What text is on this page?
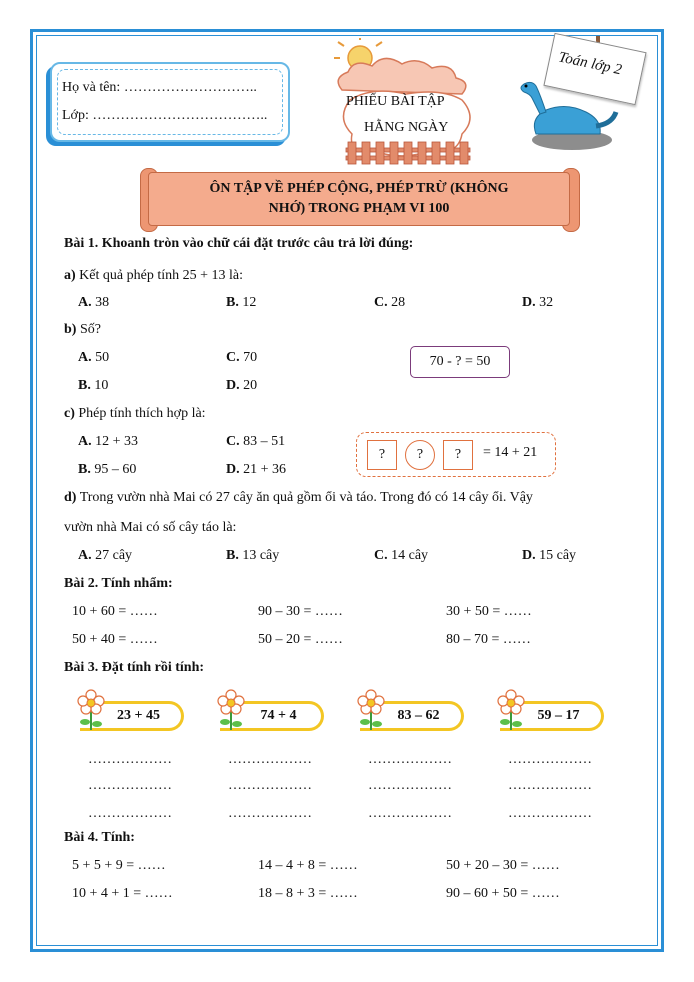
Họ và tên: ………………………..
Lớp: ………………………………..
PHIẾU BÀI TẬP
HẰNG NGÀY
Toán lớp 2
ÔN TẬP VỀ PHÉP CỘNG, PHÉP TRỪ (KHÔNG
NHỚ) TRONG PHẠM VI 100
Bài 1. Khoanh tròn vào chữ cái đặt trước câu trả lời đúng:
a) Kết quả phép tính 25 + 13 là:
A. 38	B. 12	C. 28	D. 32
b) Số?
A. 50	C. 70
B. 10	D. 20
70 - ? = 50
c) Phép tính thích hợp là:
A. 12 + 33	C. 83 – 51
B. 95 – 60	D. 21 + 36
?	?	?	= 14 + 21
d) Trong vườn nhà Mai có 27 cây ăn quả gồm ổi và táo. Trong đó có 14 cây ổi. Vậy
vườn nhà Mai có số cây táo là:
A. 27 cây	B. 13 cây	C. 14 cây	D. 15 cây
Bài 2. Tính nhẩm:
10 + 60 = ……	90 – 30 = ……	30 + 50 = ……
50 + 40 = ……	50 – 20 = ……	80 – 70 = ……
Bài 3. Đặt tính rồi tính:
23 + 45	74 + 4	83 – 62	59 – 17
………………	………………	………………	………………
………………	………………	………………	………………
………………	………………	………………	………………
Bài 4. Tính:
5 + 5 + 9 = ……	14 – 4 + 8 = ……	50 + 20 – 30 = ……
10 + 4 + 1 = ……	18 – 8 + 3 = ……	90 – 60 + 50 = ……
